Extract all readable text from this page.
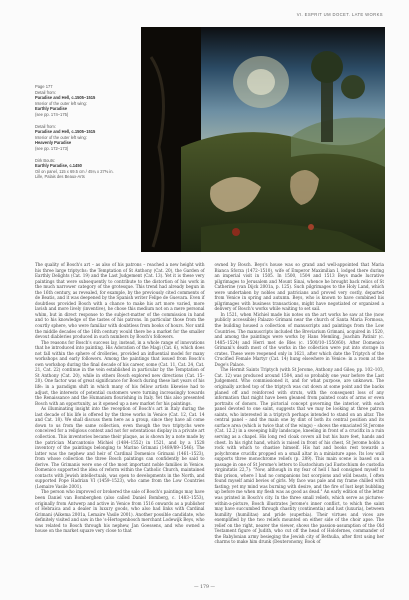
VI. ESPRIT UM DOCET. LATE WORKS
Page 177
Detail from:
Paradise and Hell, c.1505–1515
Interior of the outer left wing:
Earthly Paradise
(see pp. 174–175)
Detail from:
Paradise and Hell, c.1505–1515
Interior of the outer left wing:
Heavenly Paradise
(see pp. 172–173)
Dirk Bouts:
Earthly Paradise, c.1450
Oil on panel, 115 x 69.5 cm / 45¼ x 27⅜ in.
Lille, Palais des Beaux-Arts

The quality of Bosch's art – as also of his patrons – reached a new height with his three large triptychs: the Temptation of St Anthony (Cat. 20), the Garden of Earthly Delights (Cat. 19) and the Last Judgement (Cat. 13). Yet it is these very paintings that were subsequently to contribute to the distortion of his work in the much narrower category of the grotesque. This trend had already begun in the 16th century, as revealed, for example, by the previously cited comments of de Beatis, and it was deepened by the Spanish writer Felipe de Guevara. Even if doubtless provided Bosch with a chance to make his art more varied, more lavish and more lively (inventive), he chose this medium not on a mere personal whim, but in direct response to the subject-matter of the commission in hand and to his knowledge of the tastes of his patrons. In particular those from the courtly sphere, who were familiar with doubtless from books of hours. Nor until the middle decades of the 16th century would there be a market for the smaller devout diableries produced in such numbers by Bosch's followers.

The reasons for Bosch's success lay, instead, in a whole range of innovations that he introduced into painting. His Adoration of the Magi (Cat. 6), which does not fall within the sphere of drolleries, provided an influential model for many workshops and early followers. Among the paintings that issued from Bosch's own workshop during the final decade of his career, some (Cat. 11, Cat. 24, Cat. 21, Cat. 22) continue in the vein established in particular by the Temptation of St Anthony (Cat. 20), while in others Bosch explored new directions (Cat. 15–20). One factor was of great significance for Bosch during these last years of his life: in a paradigm shift in which many of his fellow artists likewise had to adjust, the interests of potential customers were turning increasingly towards the Renaissance and the Humanism flourishing in Italy. Yet this also presented Bosch with an opportunity, as it opened up a new market for his paintings.

As illuminating insight into the reception of Bosch's art in Italy during the last decade of his life is offered by the three works in Venice (Cat. 12, Cat. 14 and Cat. 18). We shall discuss them here as a group, since they have all come down to us from the same collection, even though the two triptychs were conceived for a religious context and not for ostentatious display in a private art collection. This inventories became their plaque, as is shown by a note made by the patrician Marcantonio Michiel (1484–1552) in 1521, and by a 1528 inventory of the paintings belonging to Marino Grimani (1489/89–1546). The latter was the nephew and heir of Cardinal Domenico Grimani (1461–1523), from whose collection the three Bosch paintings can confidently be said to derive. The Grimanis were one of the most important noble families in Venice. Domenico supported the idea of reform within the Catholic Church, maintained contacts with Jewish intellectuals, was open to developments in the North, and supported Pope Hadrian VI (1459–1523), who came from the Low Countries (Lemaire Vasile 2001).

The person who improved or brokered the sale of Bosch's paintings may have been Daniel van Bomberghen (also called Daniel Bomberg, c. 1483–1553), originally from Antwerp and active in Venice from 1516 onwards as a publisher of Hebraica and a dealer in luxury goods, who also had links with Cardinal Grimani (Aikema 2001a, Lemaire Vasile 2001). Another possible candidate, who definitely visited and saw in the 's-Hertogenbosch merchant Lodewijk Beys, who was related to Bosch through his nephew, Jan Goessens, and who owned a house on the market square very close to that

owned by Bosch. Beys's house was so grand and well-appointed that Maria Bianca Sforza (1472–1510), wife of Emperor Maximilian I, lodged there during an imperial visit in 1505. In 1500, 1504 and 1513 Beys made lucrative pilgrimages to Jerusalem and Mount Sinai, whence he brought back relics of St Catherine (van Dijck 2001a, p. 125). Such pilgrimages to the Holy Land, which were undertaken by nobles and patricians and proved very costly, departed from Venice in spring and autumn. Beys, who is known to have combined his pilgrimages with business transactions, might have negotiated or organized a delivery of Bosch's works while waiting to set sail.

In 1521, when Michiel made his notes on the art works he saw at the (now publicly accessible) Palazzo Grimani near the church of Santa Maria Formosa, the building housed a collection of manuscripts and paintings from the Low Countries. The manuscripts included the Breviarium Grimani, acquired in 1520, and among the paintings were works by Hans Memling, Joachim Patinir (c. 1485–1524) and Herri met de Bles (c. 1500/10–1550/60). After Domenico Grimani's death most of the works in the collection were put into storage in crates. These were reopened only in 1621, after which date the Triptych of the Crucified Female Martyr (Cat. 14) hung elsewhere in Venice: in a room at the Doge's Palace.

The Hermit Saints Triptych (with St Jerome, Anthony and Giles; pp. 102–103, Cat. 12) was produced around 1504, and so probably one year before the Last Judgement. Who commissioned it, and for what purpose, are unknown. The originally arched top of the triptych was cut down at some point and the backs planed off and reinforced with struts, with the consequent loss of any information that might have been gleaned from painted coats of arms or even portraits of donors. The pictorial concept governing the interior, with each panel devoted to one saint, suggests that we may be looking at three patron saints, who interested in a triptych perhaps intended to stand on an altar. The central panel – and the main one by dint of both its central position and its surface area (which is twice that of the wings) – shows the emaciated St Jerome (Cat. 12.2) in a sweeping hilly landscape, kneeling in front of a crucifix in a ruin serving as a chapel. His long red cloak covers all but his bare feet, hands and chest. In his right hand, which is raised in front of his chest, St Jerome holds a rock with which to chastise himself. His hat and books rest towards a polychrome crucifix propped on a small altar in a miniature apse. Its low wall supports three monochrome reliefs (p. 289). This main scene is based on a passage in one of St Jerome's letters to Eustochium (ad Eustochium de custodia virginitatis 22,7): "Now, although in my fear of hell I had consigned myself to this prison, where I had no companions but scorpions and wild beasts, I often found myself amid bevies of girls. My face was pale and my frame chilled with fasting; yet my mind was burning with desire, and the fire of lust kept bubbling up before me when my flesh was as good as dead." An early edition of the letter was printed in Bosch's city. In the three small reliefs, which serve as pictures-within-a-picture, Bosch illustrates Jerome's inner conflict, to which the saint may have succumbed through chastity (continentia) and lust (luxuria), between humility (humilitas) and pride (superbia). Their virtues and vices are exemplified by the two reliefs mounted on either side of the choir apse. The relief on the right, nearer the viewer, shows the passion-assumption of the Old Testament figure of Judith, who cut off the head of Holofernes, commander of the Babylonian army besieging the Jewish city of Bethulia, after first using her charms to make him drunk (Deuteronomy, Book of

— 179 —
